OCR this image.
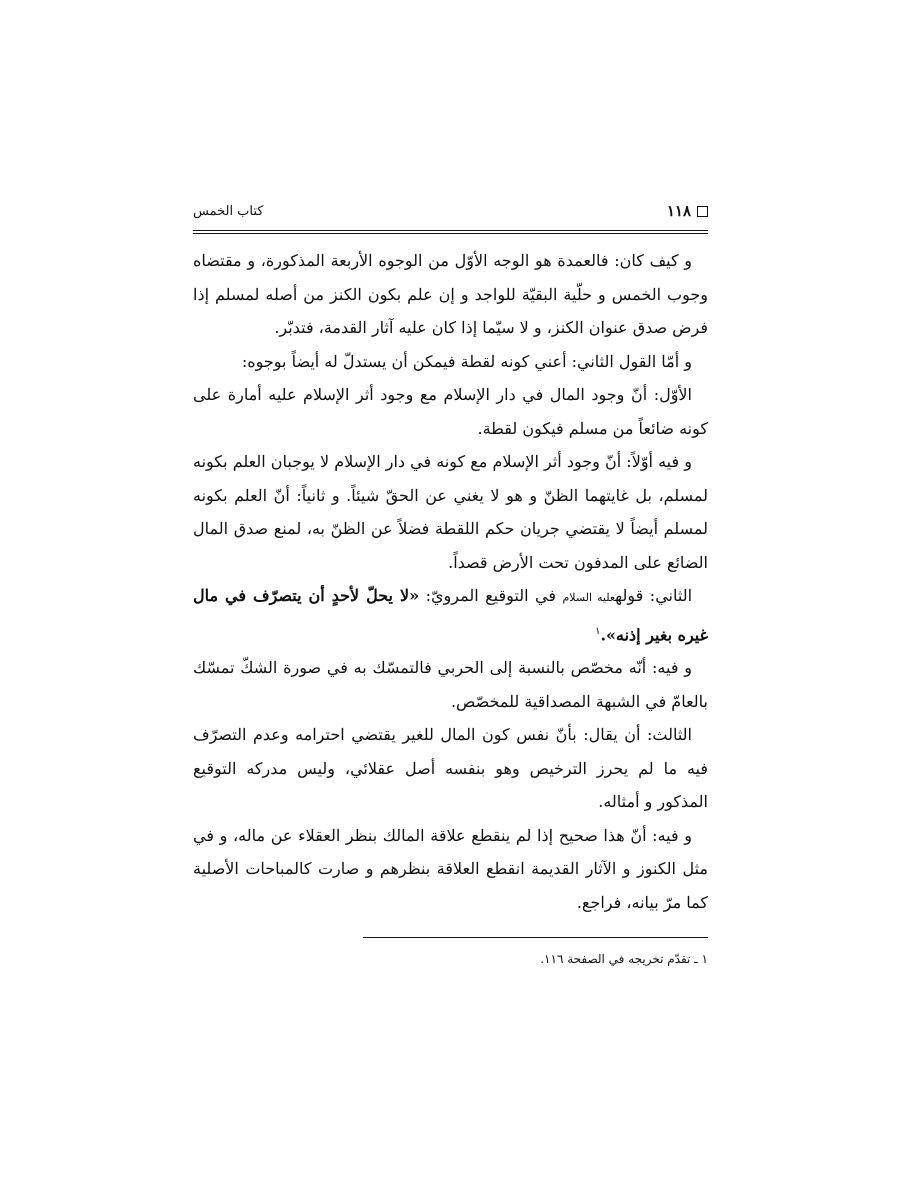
١١٨
كتاب الخمس

و كيف كان: فالعمدة هو الوجه الأوّل من الوجوه الأربعة المذكورة، و مقتضاه وجوب الخمس و حلّية البقيّة للواجد و إن علم بكون الكنز من أصله لمسلم إذا فرض صدق عنوان الكنز، و لا سيّما إذا كان عليه آثار القدمة، فتدبّر.

و أمّا القول الثاني: أعني كونه لقطة فيمكن أن يستدلّ له أيضاً بوجوه:

الأوّل: أنّ وجود المال في دار الإسلام مع وجود أثر الإسلام عليه أمارة على كونه ضائعاً من مسلم فيكون لقطة.

و فيه أوّلاً: أنّ وجود أثر الإسلام مع كونه في دار الإسلام لا يوجبان العلم بكونه لمسلم، بل غايتهما الظنّ و هو لا يغني عن الحقّ شيئاً. و ثانياً: أنّ العلم بكونه لمسلم أيضاً لا يقتضي جريان حكم اللقطة فضلاً عن الظنّ به، لمنع صدق المال الضائع على المدفون تحت الأرض قصداً.

الثاني: قولهعليه السلام في التوقيع المرويّ: «لا يحلّ لأحدٍ أن يتصرّف في مال غيره بغير إذنه».$^١$

و فيه: أنّه مخصّص بالنسبة إلى الحربي فالتمسّك به في صورة الشكّ تمسّك بالعامّ في الشبهة المصداقية للمخصّص.

الثالث: أن يقال: بأنّ نفس كون المال للغير يقتضي احترامه وعدم التصرّف فيه ما لم يحرز الترخيص وهو بنفسه أصل عقلائي، وليس مدركه التوقيع المذكور و أمثاله.

و فيه: أنّ هذا صحيح إذا لم ينقطع علاقة المالك بنظر العقلاء عن ماله، و في مثل الكنوز و الآثار القديمة انقطع العلاقة بنظرهم و صارت كالمباحات الأصلية كما مرّ بيانه، فراجع.

١ ـ تقدّم تخريجه في الصفحة ١١٦.
